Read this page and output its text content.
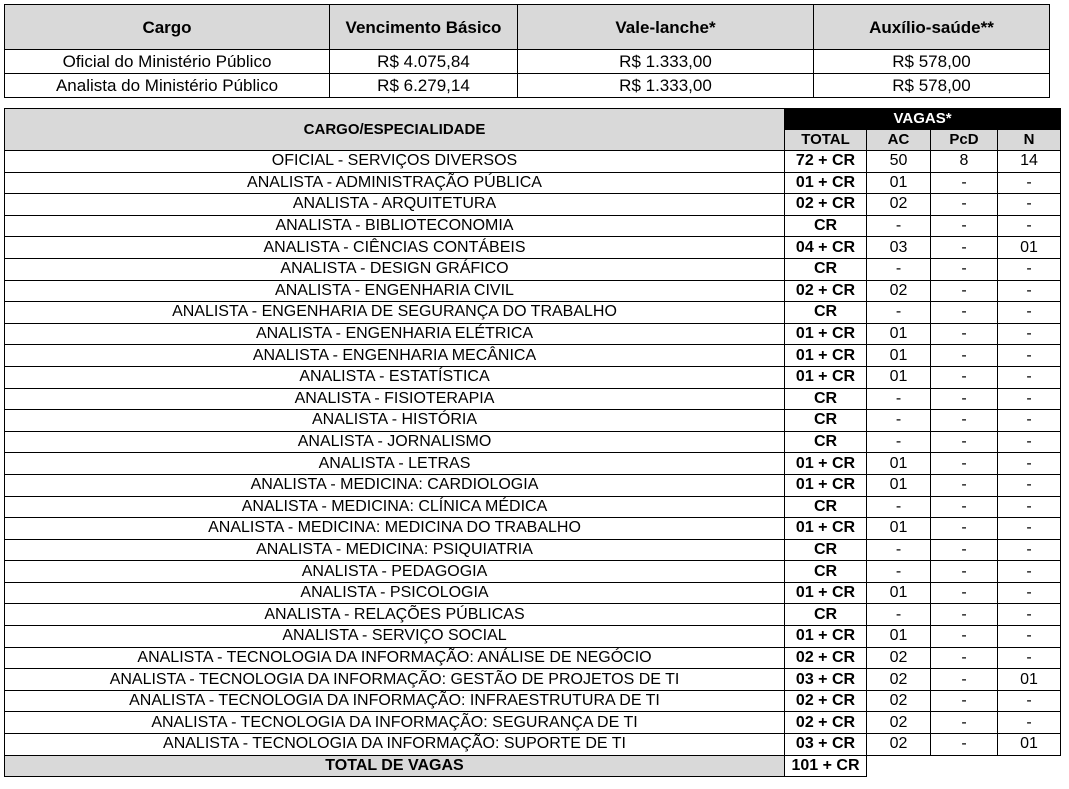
Cargo	Vencimento Básico	Vale-lanche*	Auxílio-saúde**
Oficial do Ministério Público	R$ 4.075,84	R$ 1.333,00	R$ 578,00
Analista do Ministério Público	R$ 6.279,14	R$ 1.333,00	R$ 578,00
CARGO/ESPECIALIDADE	VAGAS*			
	TOTAL	AC	PcD	N
OFICIAL - SERVIÇOS DIVERSOS	72 + CR	50	8	14
ANALISTA - ADMINISTRAÇÃO PÚBLICA	01 + CR	01	-	-
ANALISTA - ARQUITETURA	02 + CR	02	-	-
ANALISTA - BIBLIOTECONOMIA	CR	-	-	-
ANALISTA - CIÊNCIAS CONTÁBEIS	04 + CR	03	-	01
ANALISTA - DESIGN GRÁFICO	CR	-	-	-
ANALISTA - ENGENHARIA CIVIL	02 + CR	02	-	-
ANALISTA - ENGENHARIA DE SEGURANÇA DO TRABALHO	CR	-	-	-
ANALISTA - ENGENHARIA ELÉTRICA	01 + CR	01	-	-
ANALISTA - ENGENHARIA MECÂNICA	01 + CR	01	-	-
ANALISTA - ESTATÍSTICA	01 + CR	01	-	-
ANALISTA - FISIOTERAPIA	CR	-	-	-
ANALISTA - HISTÓRIA	CR	-	-	-
ANALISTA - JORNALISMO	CR	-	-	-
ANALISTA - LETRAS	01 + CR	01	-	-
ANALISTA - MEDICINA: CARDIOLOGIA	01 + CR	01	-	-
ANALISTA - MEDICINA: CLÍNICA MÉDICA	CR	-	-	-
ANALISTA - MEDICINA: MEDICINA DO TRABALHO	01 + CR	01	-	-
ANALISTA - MEDICINA: PSIQUIATRIA	CR	-	-	-
ANALISTA - PEDAGOGIA	CR	-	-	-
ANALISTA - PSICOLOGIA	01 + CR	01	-	-
ANALISTA - RELAÇÕES PÚBLICAS	CR	-	-	-
ANALISTA - SERVIÇO SOCIAL	01 + CR	01	-	-
ANALISTA - TECNOLOGIA DA INFORMAÇÃO: ANÁLISE DE NEGÓCIO	02 + CR	02	-	-
ANALISTA - TECNOLOGIA DA INFORMAÇÃO: GESTÃO DE PROJETOS DE TI	03 + CR	02	-	01
ANALISTA - TECNOLOGIA DA INFORMAÇÃO: INFRAESTRUTURA DE TI	02 + CR	02	-	-
ANALISTA - TECNOLOGIA DA INFORMAÇÃO: SEGURANÇA DE TI	02 + CR	02	-	-
ANALISTA - TECNOLOGIA DA INFORMAÇÃO: SUPORTE DE TI	03 + CR	02	-	01
TOTAL DE VAGAS	101 + CR			
